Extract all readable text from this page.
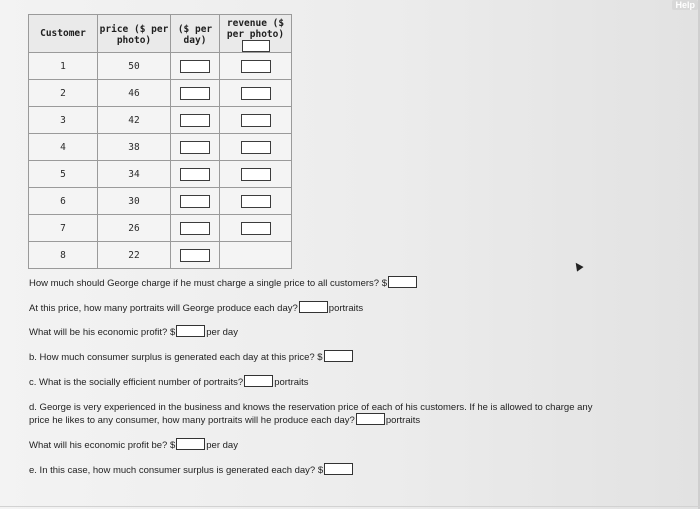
Help
Customer	price ($ per photo)	($ per day)	revenue ($ per photo)

1	50		
2	46		
3	42		
4	38		
5	34		
6	30		
7	26		
8	22		
How much should George charge if he must charge a single price to all customers? $
At this price, how many portraits will George produce each day?	portraits
What will be his economic profit? $	per day
b. How much consumer surplus is generated each day at this price? $
c. What is the socially efficient number of portraits?	portraits
d. George is very experienced in the business and knows the reservation price of each of his customers. If he is allowed to charge any
price he likes to any consumer, how many portraits will he produce each day?	portraits
What will his economic profit be? $	per day
e. In this case, how much consumer surplus is generated each day? $
